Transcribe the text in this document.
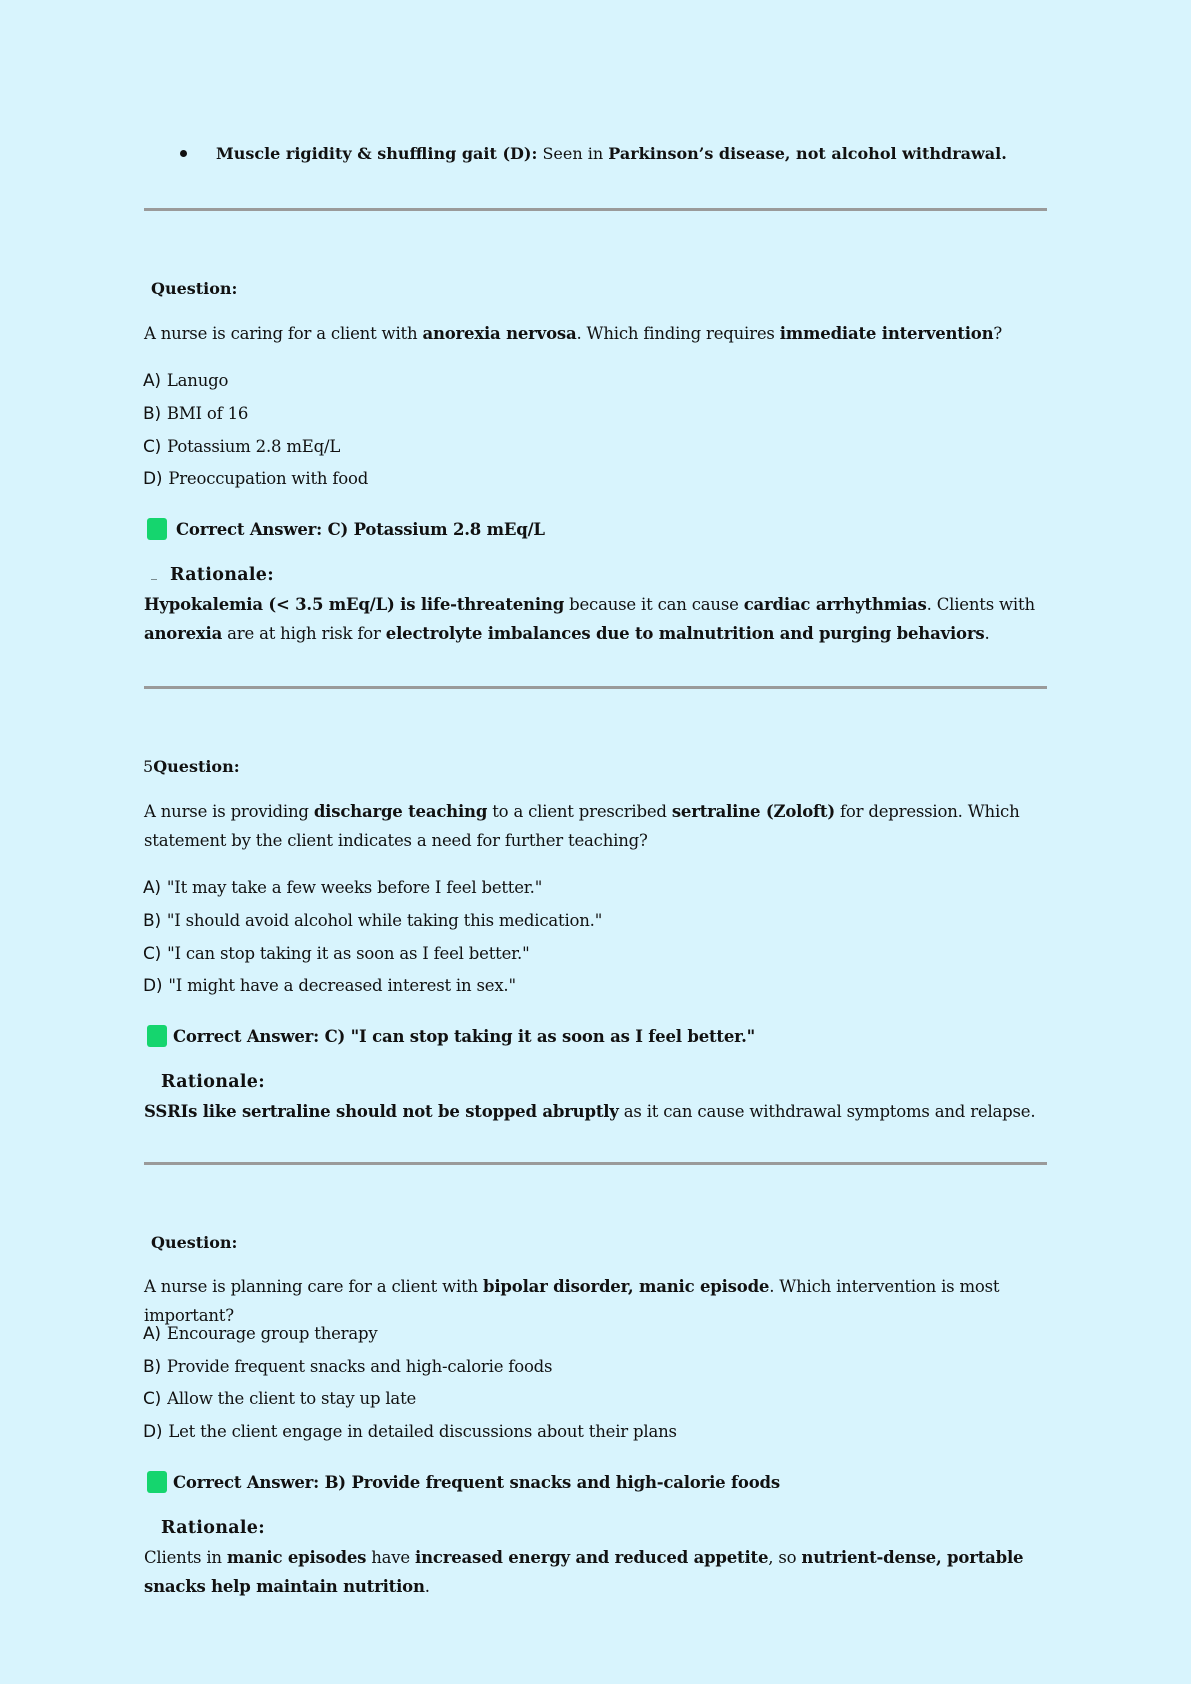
Muscle rigidity & shuffling gait (D): Seen in Parkinson’s disease, not alcohol withdrawal.
Question:
A nurse is caring for a client with anorexia nervosa. Which finding requires immediate intervention?
A) Lanugo
B) BMI of 16
C) Potassium 2.8 mEq/L
D) Preoccupation with food
Correct Answer: C) Potassium 2.8 mEq/L
_ Rationale:
Hypokalemia (< 3.5 mEq/L) is life-threatening because it can cause cardiac arrhythmias. Clients with
anorexia are at high risk for electrolyte imbalances due to malnutrition and purging behaviors.
5Question:
A nurse is providing discharge teaching to a client prescribed sertraline (Zoloft) for depression. Which statement by the client indicates a need for further teaching?
A) "It may take a few weeks before I feel better."
B) "I should avoid alcohol while taking this medication."
C) "I can stop taking it as soon as I feel better."
D) "I might have a decreased interest in sex."
Correct Answer: C) "I can stop taking it as soon as I feel better."
Rationale:
SSRIs like sertraline should not be stopped abruptly as it can cause withdrawal symptoms and relapse.
Question:
A nurse is planning care for a client with bipolar disorder, manic episode. Which intervention is most important?
A) Encourage group therapy
B) Provide frequent snacks and high-calorie foods
C) Allow the client to stay up late
D) Let the client engage in detailed discussions about their plans
Correct Answer: B) Provide frequent snacks and high-calorie foods
Rationale:
Clients in manic episodes have increased energy and reduced appetite, so nutrient-dense, portable snacks help maintain nutrition.
